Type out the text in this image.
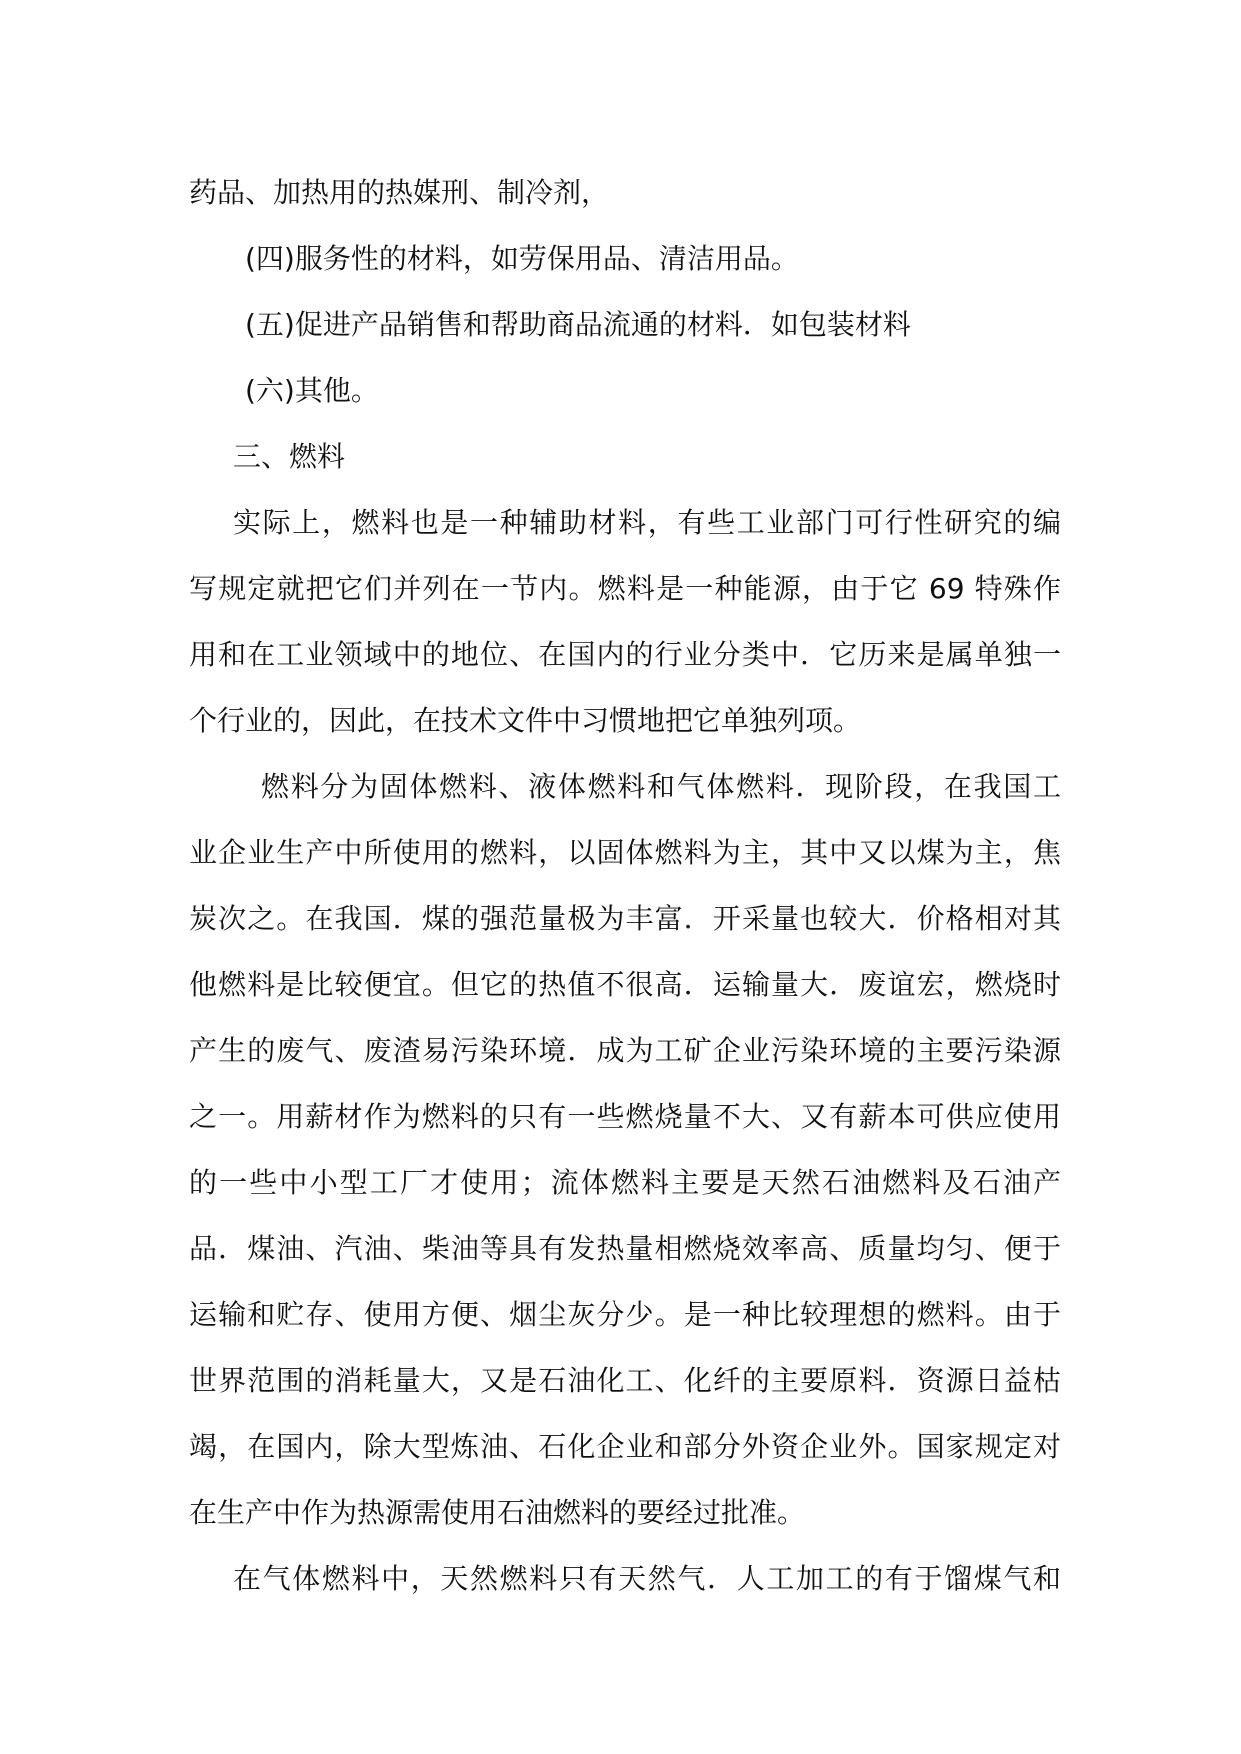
药品、加热用的热媒刑、制冷剂，
(四)服务性的材料，如劳保用品、清洁用品。
(五)促进产品销售和帮助商品流通的材料．如包装材料
(六)其他。
三、燃料
实际上，燃料也是一种辅助材料，有些工业部门可行性研究的编
写规定就把它们并列在一节内。燃料是一种能源，由于它 69 特殊作
用和在工业领域中的地位、在国内的行业分类中．它历来是属单独一
个行业的，因此，在技术文件中习惯地把它单独列项。
燃料分为固体燃料、液体燃料和气体燃料．现阶段，在我国工
业企业生产中所使用的燃料，以固体燃料为主，其中又以煤为主，焦
炭次之。在我国．煤的强范量极为丰富．开采量也较大．价格相对其
他燃料是比较便宜。但它的热值不很高．运输量大．废谊宏，燃烧时
产生的废气、废渣易污染环境．成为工矿企业污染环境的主要污染源
之一。用薪材作为燃料的只有一些燃烧量不大、又有薪本可供应使用
的一些中小型工厂才使用；流体燃料主要是天然石油燃料及石油产
品．煤油、汽油、柴油等具有发热量相燃烧效率高、质量均匀、便于
运输和贮存、使用方便、烟尘灰分少。是一种比较理想的燃料。由于
世界范围的消耗量大，又是石油化工、化纤的主要原料．资源日益枯
竭，在国内，除大型炼油、石化企业和部分外资企业外。国家规定对
在生产中作为热源需使用石油燃料的要经过批准。
在气体燃料中，天然燃料只有天然气．人工加工的有于馏煤气和
